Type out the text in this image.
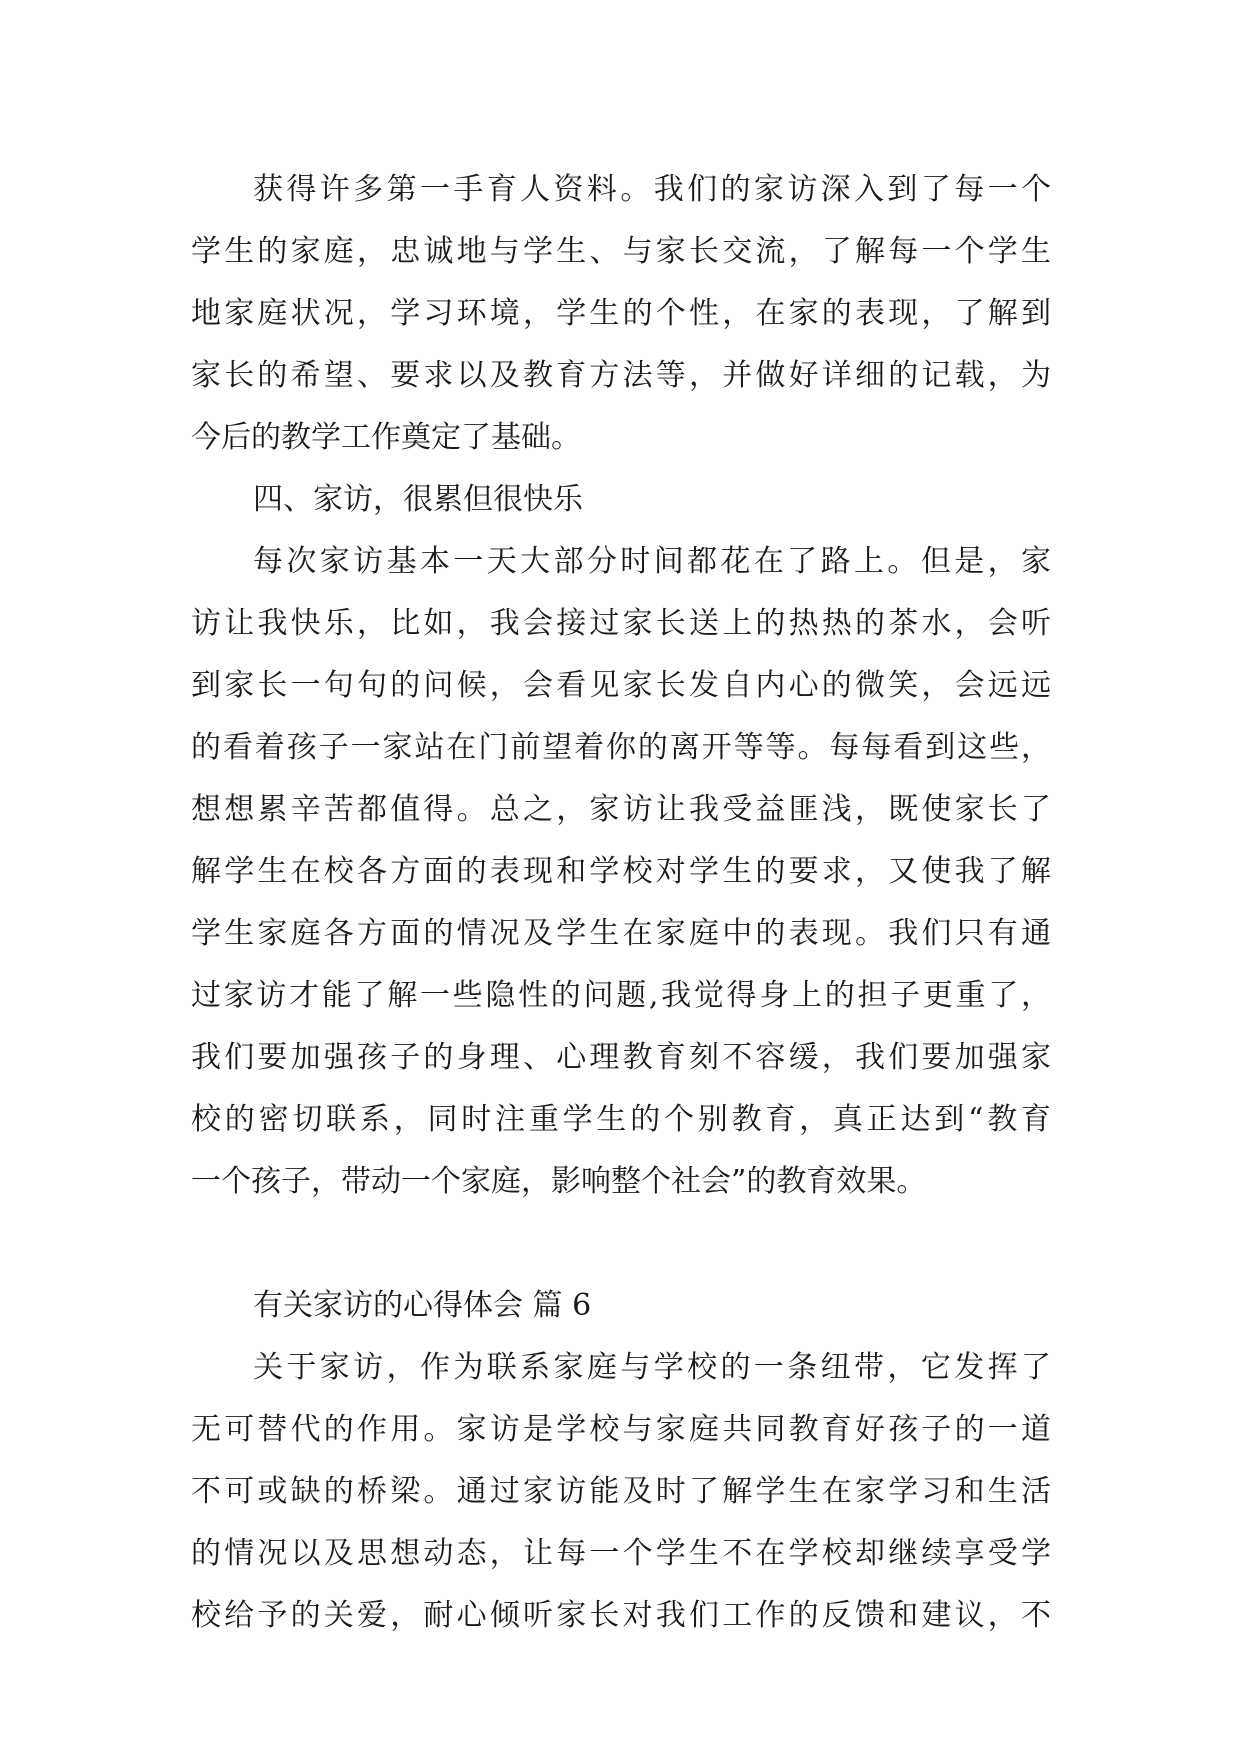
获得许多第一手育人资料。我们的家访深入到了每一个
学生的家庭，忠诚地与学生、与家长交流，了解每一个学生
地家庭状况，学习环境，学生的个性，在家的表现，了解到
家长的希望、要求以及教育方法等，并做好详细的记载，为
今后的教学工作奠定了基础。
四、家访，很累但很快乐
每次家访基本一天大部分时间都花在了路上。但是，家
访让我快乐，比如，我会接过家长送上的热热的茶水，会听
到家长一句句的问候，会看见家长发自内心的微笑，会远远
的看着孩子一家站在门前望着你的离开等等。每每看到这些，
想想累辛苦都值得。总之，家访让我受益匪浅，既使家长了
解学生在校各方面的表现和学校对学生的要求，又使我了解
学生家庭各方面的情况及学生在家庭中的表现。我们只有通
过家访才能了解一些隐性的问题,我觉得身上的担子更重了，
我们要加强孩子的身理、心理教育刻不容缓，我们要加强家
校的密切联系，同时注重学生的个别教育，真正达到“教育
一个孩子，带动一个家庭，影响整个社会”的教育效果。
有关家访的心得体会 篇 6
关于家访，作为联系家庭与学校的一条纽带，它发挥了
无可替代的作用。家访是学校与家庭共同教育好孩子的一道
不可或缺的桥梁。通过家访能及时了解学生在家学习和生活
的情况以及思想动态，让每一个学生不在学校却继续享受学
校给予的关爱，耐心倾听家长对我们工作的反馈和建议，不
